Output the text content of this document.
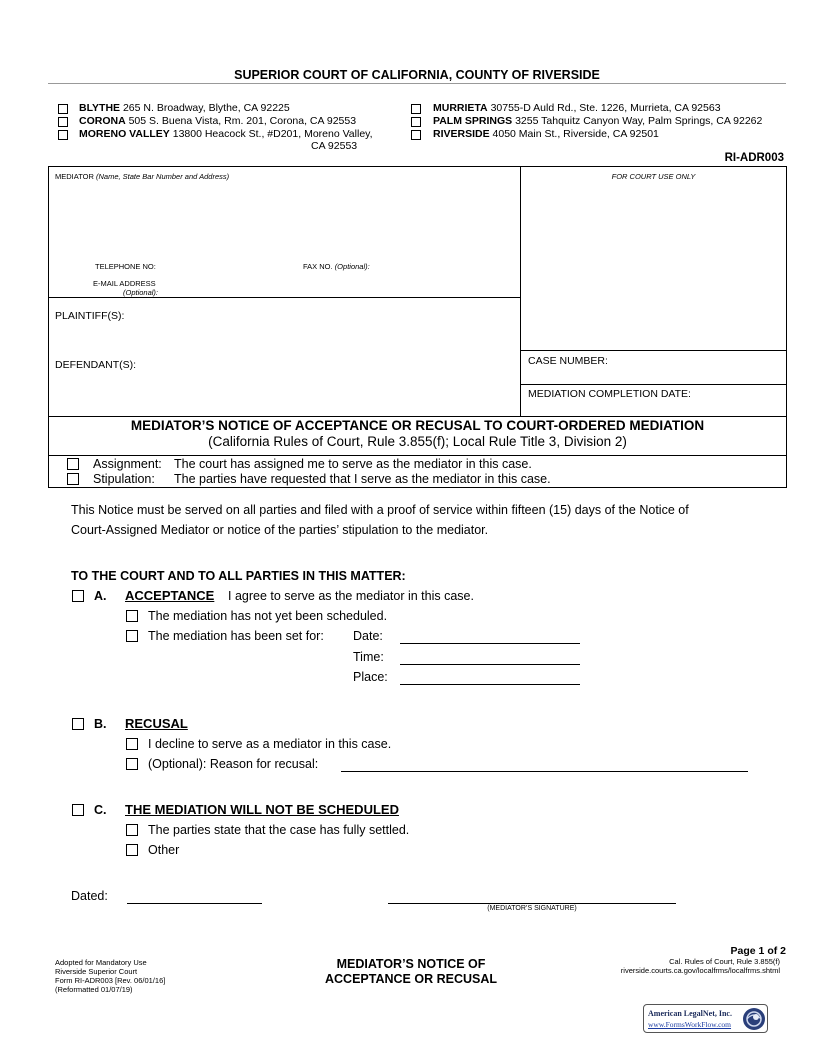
SUPERIOR COURT OF CALIFORNIA, COUNTY OF RIVERSIDE
BLYTHE 265 N. Broadway, Blythe, CA 92225
CORONA 505 S. Buena Vista, Rm. 201, Corona, CA 92553
MORENO VALLEY 13800 Heacock St., #D201, Moreno Valley,
CA 92553
MURRIETA 30755-D Auld Rd., Ste. 1226, Murrieta, CA 92563
PALM SPRINGS 3255 Tahquitz Canyon Way, Palm Springs, CA 92262
RIVERSIDE 4050 Main St., Riverside, CA 92501
RI-ADR003
MEDIATOR (Name, State Bar Number and Address)	FOR COURT USE ONLY
TELEPHONE NO:	FAX NO. (Optional):
E-MAIL ADDRESS
(Optional):
PLAINTIFF(S):
DEFENDANT(S):	CASE NUMBER:
MEDIATION COMPLETION DATE:
MEDIATOR’S NOTICE OF ACCEPTANCE OR RECUSAL TO COURT-ORDERED MEDIATION
(California Rules of Court, Rule 3.855(f); Local Rule Title 3, Division 2)
Assignment: The court has assigned me to serve as the mediator in this case.
Stipulation: The parties have requested that I serve as the mediator in this case.
This Notice must be served on all parties and filed with a proof of service within fifteen (15) days of the Notice of
Court-Assigned Mediator or notice of the parties’ stipulation to the mediator.
TO THE COURT AND TO ALL PARTIES IN THIS MATTER:
A. ACCEPTANCE I agree to serve as the mediator in this case.
The mediation has not yet been scheduled.
The mediation has been set for: Date:
Time:
Place:
B. RECUSAL
I decline to serve as a mediator in this case.
(Optional): Reason for recusal:
C. THE MEDIATION WILL NOT BE SCHEDULED
The parties state that the case has fully settled.
Other
Dated:
(MEDIATOR’S SIGNATURE)
Page 1 of 2
Adopted for Mandatory Use
Riverside Superior Court
Form RI-ADR003 [Rev. 06/01/16]
(Reformatted 01/07/19)
MEDIATOR’S NOTICE OF
ACCEPTANCE OR RECUSAL
Cal. Rules of Court, Rule 3.855(f)
riverside.courts.ca.gov/localfrms/localfrms.shtml
American LegalNet, Inc.
www.FormsWorkFlow.com
